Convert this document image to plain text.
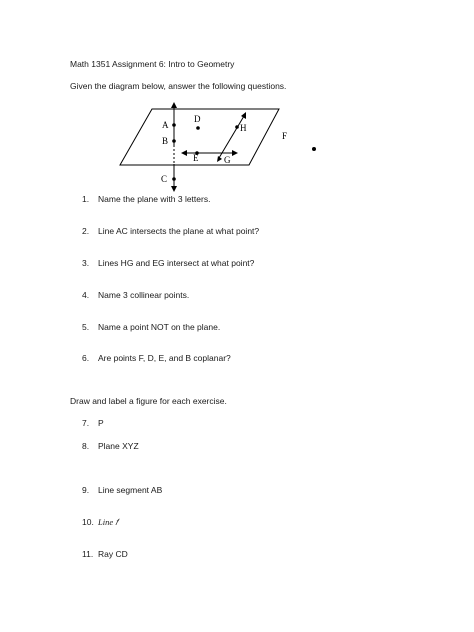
Math 1351 Assignment 6: Intro to Geometry
Given the diagram below, answer the following questions.
A
B
C
D
E	G
H
F
1. Name the plane with 3 letters.
2. Line AC intersects the plane at what point?
3. Lines HG and EG intersect at what point?
4. Name 3 collinear points.
5. Name a point NOT on the plane.
6. Are points F, D, E, and B coplanar?
Draw and label a figure for each exercise.
7. P
8. Plane XYZ
9. Line segment AB
10. Line 𝑓
11. Ray CD
